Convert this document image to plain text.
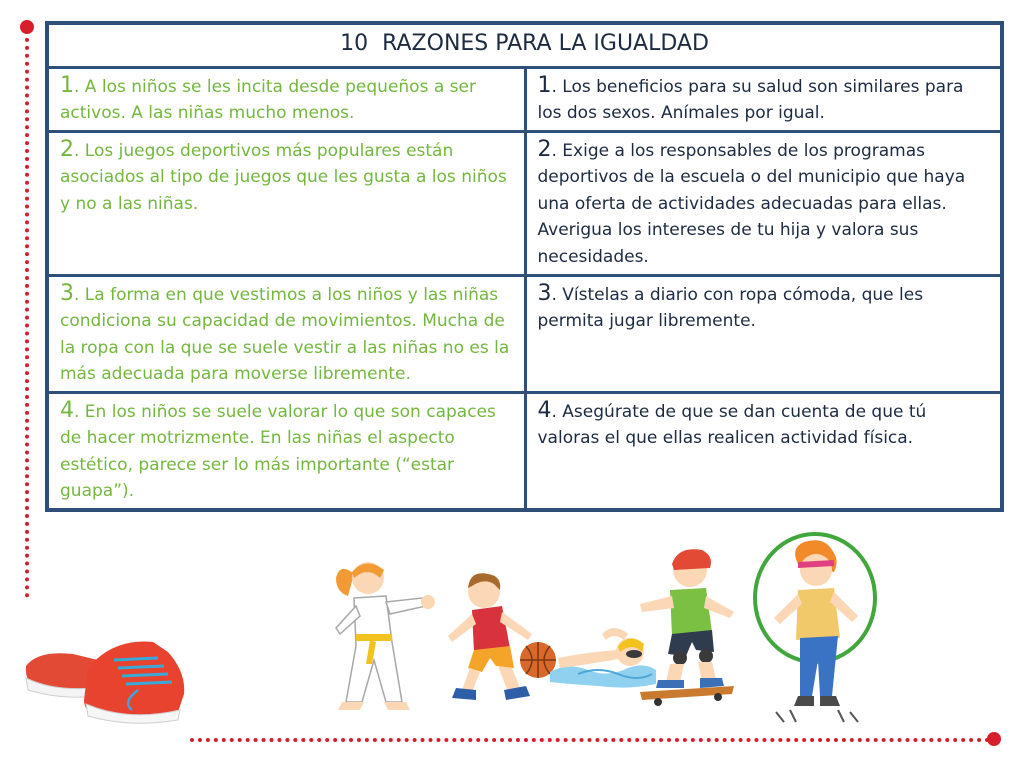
10 RAZONES PARA LA IGUALDAD	
1. A los niños se les incita desde pequeños a ser activos. A las niñas mucho menos.	1. Los beneficios para su salud son similares para los dos sexos. Anímales por igual.
2. Los juegos deportivos más populares están asociados al tipo de juegos que les gusta a los niños y no a las niñas.	2. Exige a los responsables de los programas deportivos de la escuela o del municipio que haya una oferta de actividades adecuadas para ellas. Averigua los intereses de tu hija y valora sus necesidades.
3. La forma en que vestimos a los niños y las niñas condiciona su capacidad de movimientos. Mucha de la ropa con la que se suele vestir a las niñas no es la más adecuada para moverse libremente.	3. Vístelas a diario con ropa cómoda, que les permita jugar libremente.
4. En los niños se suele valorar lo que son capaces de hacer motrizmente. En las niñas el aspecto estético, parece ser lo más importante (“estar guapa”).	4. Asegúrate de que se dan cuenta de que tú valoras el que ellas realicen actividad física.
